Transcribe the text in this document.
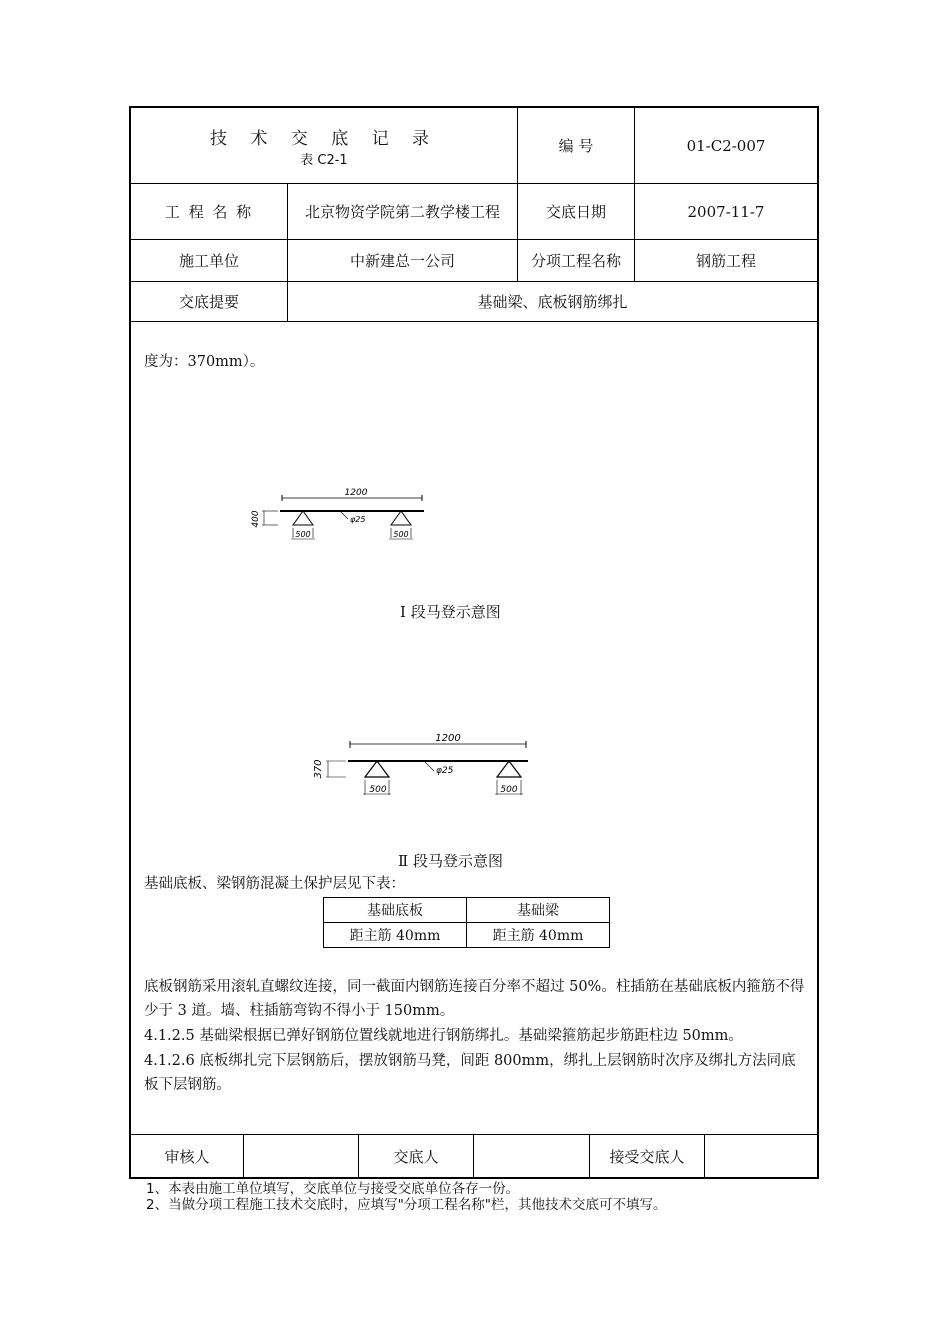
技 术 交 底 记 录
表 C2-1
编 号	01-C2-007
工 程 名 称	北京物资学院第二教学楼工程	交底日期	2007-11-7
施工单位	中新建总一公司	分项工程名称	钢筋工程
交底提要	基础梁、底板钢筋绑扎
度为：370mm）。
1200
400	φ25
500	500
Ⅰ 段马登示意图
1200
370	φ25
500	500
Ⅱ 段马登示意图
基础底板、梁钢筋混凝土保护层见下表：
基础底板	基础梁
距主筋 40mm	距主筋 40mm
底板钢筋采用滚轧直螺纹连接，同一截面内钢筋连接百分率不超过 50%。柱插筋在基础底板内箍筋不得少于 3 道。墙、柱插筋弯钩不得小于 150mm。
4.1.2.5 基础梁根据已弹好钢筋位置线就地进行钢筋绑扎。基础梁箍筋起步筋距柱边 50mm。
4.1.2.6 底板绑扎完下层钢筋后，摆放钢筋马凳，间距 800mm，绑扎上层钢筋时次序及绑扎方法同底板下层钢筋。
审核人	交底人	接受交底人
1、本表由施工单位填写，交底单位与接受交底单位各存一份。
2、当做分项工程施工技术交底时，应填写"分项工程名称"栏，其他技术交底可不填写。
